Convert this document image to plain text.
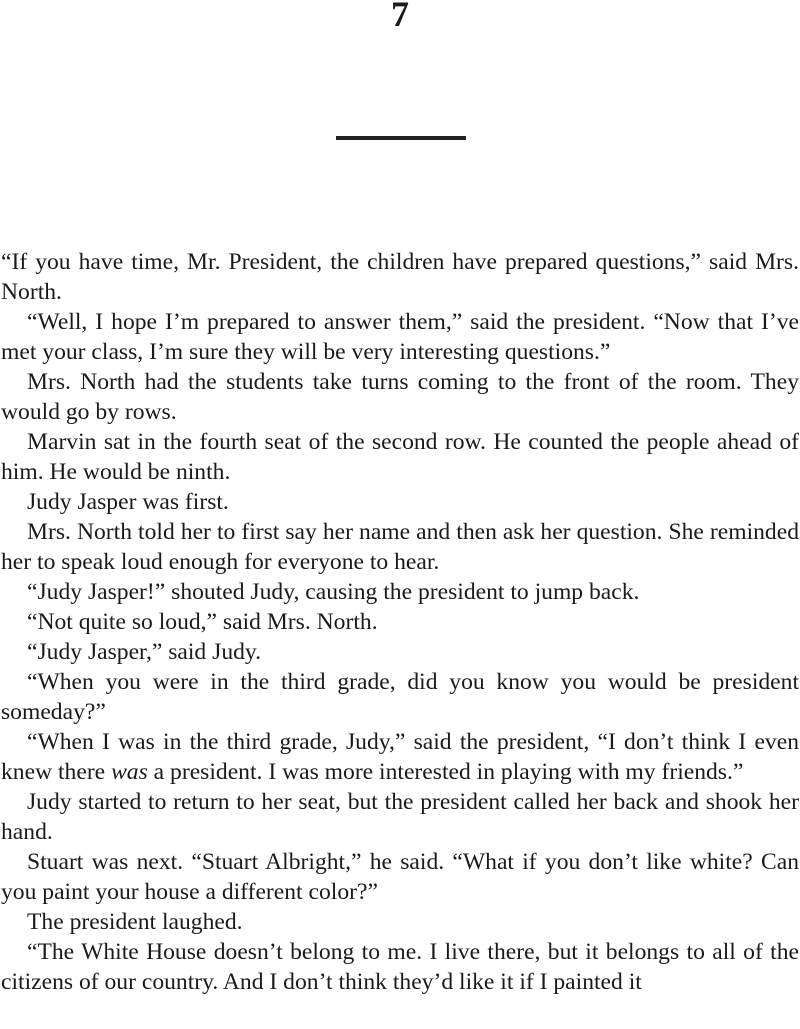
7

“If you have time, Mr. President, the children have prepared questions,” said Mrs. North.

“Well, I hope I’m prepared to answer them,” said the president. “Now that I’ve met your class, I’m sure they will be very interesting questions.”

Mrs. North had the students take turns coming to the front of the room. They would go by rows.

Marvin sat in the fourth seat of the second row. He counted the people ahead of him. He would be ninth.

Judy Jasper was first.

Mrs. North told her to first say her name and then ask her question. She reminded her to speak loud enough for everyone to hear.

“Judy Jasper!” shouted Judy, causing the president to jump back.

“Not quite so loud,” said Mrs. North.

“Judy Jasper,” said Judy.

“When you were in the third grade, did you know you would be president someday?”

“When I was in the third grade, Judy,” said the president, “I don’t think I even knew there was a president. I was more interested in playing with my friends.”

Judy started to return to her seat, but the president called her back and shook her hand.

Stuart was next. “Stuart Albright,” he said. “What if you don’t like white? Can you paint your house a different color?”

The president laughed.

“The White House doesn’t belong to me. I live there, but it belongs to all of the citizens of our country. And I don’t think they’d like it if I painted it
